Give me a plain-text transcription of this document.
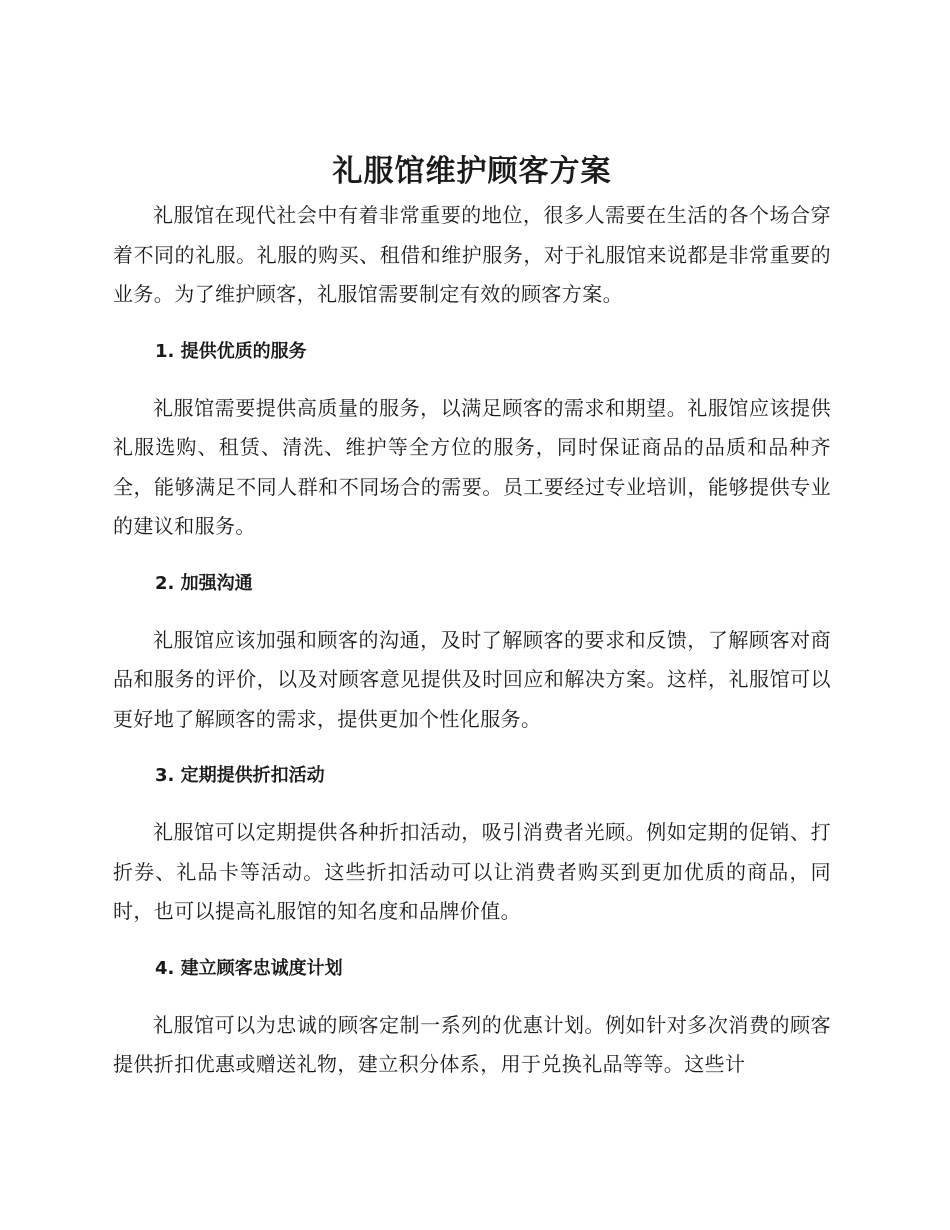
礼服馆维护顾客方案

礼服馆在现代社会中有着非常重要的地位，很多人需要在生活的各个场合穿着不同的礼服。礼服的购买、租借和维护服务，对于礼服馆来说都是非常重要的业务。为了维护顾客，礼服馆需要制定有效的顾客方案。

1. 提供优质的服务

礼服馆需要提供高质量的服务，以满足顾客的需求和期望。礼服馆应该提供礼服选购、租赁、清洗、维护等全方位的服务，同时保证商品的品质和品种齐全，能够满足不同人群和不同场合的需要。员工要经过专业培训，能够提供专业的建议和服务。

2. 加强沟通

礼服馆应该加强和顾客的沟通，及时了解顾客的要求和反馈，了解顾客对商品和服务的评价，以及对顾客意见提供及时回应和解决方案。这样，礼服馆可以更好地了解顾客的需求，提供更加个性化服务。

3. 定期提供折扣活动

礼服馆可以定期提供各种折扣活动，吸引消费者光顾。例如定期的促销、打折券、礼品卡等活动。这些折扣活动可以让消费者购买到更加优质的商品，同时，也可以提高礼服馆的知名度和品牌价值。

4. 建立顾客忠诚度计划

礼服馆可以为忠诚的顾客定制一系列的优惠计划。例如针对多次消费的顾客提供折扣优惠或赠送礼物，建立积分体系，用于兑换礼品等等。这些计
